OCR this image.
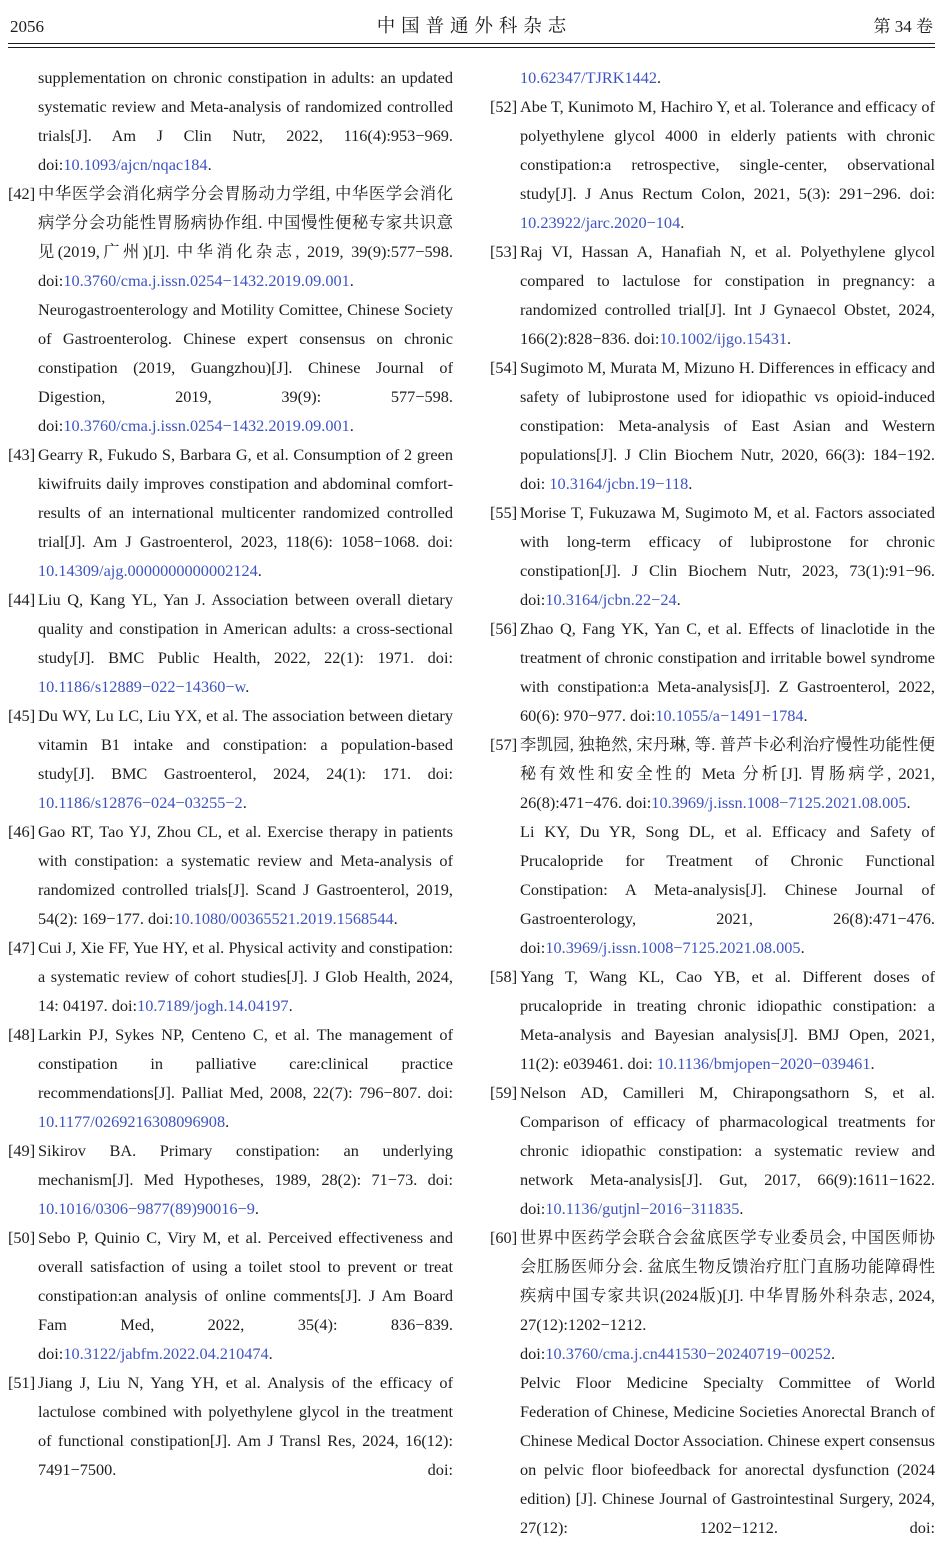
2056	中国普通外科杂志	第 34 卷
supplementation on chronic constipation in adults: an updated systematic review and Meta-analysis of randomized controlled trials[J]. Am J Clin Nutr, 2022, 116(4):953−969. doi:10.1093/ajcn/nqac184.
[42] 中华医学会消化病学分会胃肠动力学组, 中华医学会消化病学分会功能性胃肠病协作组. 中国慢性便秘专家共识意见(2019,广州)[J]. 中华消化杂志, 2019, 39(9):577−598. doi:10.3760/cma.j.issn.0254−1432.2019.09.001.
Neurogastroenterology and Motility Comittee, Chinese Society of Gastroenterolog. Chinese expert consensus on chronic constipation (2019, Guangzhou)[J]. Chinese Journal of Digestion, 2019, 39(9): 577−598. doi:10.3760/cma.j.issn.0254−1432.2019.09.001.
[43] Gearry R, Fukudo S, Barbara G, et al. Consumption of 2 green kiwifruits daily improves constipation and abdominal comfort-results of an international multicenter randomized controlled trial[J]. Am J Gastroenterol, 2023, 118(6): 1058−1068. doi: 10.14309/ajg.0000000000002124.
[44] Liu Q, Kang YL, Yan J. Association between overall dietary quality and constipation in American adults: a cross-sectional study[J]. BMC Public Health, 2022, 22(1): 1971. doi: 10.1186/s12889−022−14360−w.
[45] Du WY, Lu LC, Liu YX, et al. The association between dietary vitamin B1 intake and constipation: a population-based study[J]. BMC Gastroenterol, 2024, 24(1): 171. doi: 10.1186/s12876−024−03255−2.
[46] Gao RT, Tao YJ, Zhou CL, et al. Exercise therapy in patients with constipation: a systematic review and Meta-analysis of randomized controlled trials[J]. Scand J Gastroenterol, 2019, 54(2): 169−177. doi:10.1080/00365521.2019.1568544.
[47] Cui J, Xie FF, Yue HY, et al. Physical activity and constipation: a systematic review of cohort studies[J]. J Glob Health, 2024, 14: 04197. doi:10.7189/jogh.14.04197.
[48] Larkin PJ, Sykes NP, Centeno C, et al. The management of constipation in palliative care:clinical practice recommendations[J]. Palliat Med, 2008, 22(7): 796−807. doi: 10.1177/0269216308096908.
[49] Sikirov BA. Primary constipation: an underlying mechanism[J]. Med Hypotheses, 1989, 28(2): 71−73. doi: 10.1016/0306−9877(89)90016−9.
[50] Sebo P, Quinio C, Viry M, et al. Perceived effectiveness and overall satisfaction of using a toilet stool to prevent or treat constipation:an analysis of online comments[J]. J Am Board Fam Med, 2022, 35(4): 836−839. doi:10.3122/jabfm.2022.04.210474.
[51] Jiang J, Liu N, Yang YH, et al. Analysis of the efficacy of lactulose combined with polyethylene glycol in the treatment of functional constipation[J]. Am J Transl Res, 2024, 16(12): 7491−7500. doi:
10.62347/TJRK1442.
[52] Abe T, Kunimoto M, Hachiro Y, et al. Tolerance and efficacy of polyethylene glycol 4000 in elderly patients with chronic constipation:a retrospective, single-center, observational study[J]. J Anus Rectum Colon, 2021, 5(3): 291−296. doi: 10.23922/jarc.2020−104.
[53] Raj VI, Hassan A, Hanafiah N, et al. Polyethylene glycol compared to lactulose for constipation in pregnancy: a randomized controlled trial[J]. Int J Gynaecol Obstet, 2024, 166(2):828−836. doi:10.1002/ijgo.15431.
[54] Sugimoto M, Murata M, Mizuno H. Differences in efficacy and safety of lubiprostone used for idiopathic vs opioid-induced constipation: Meta-analysis of East Asian and Western populations[J]. J Clin Biochem Nutr, 2020, 66(3): 184−192. doi: 10.3164/jcbn.19−118.
[55] Morise T, Fukuzawa M, Sugimoto M, et al. Factors associated with long-term efficacy of lubiprostone for chronic constipation[J]. J Clin Biochem Nutr, 2023, 73(1):91−96. doi:10.3164/jcbn.22−24.
[56] Zhao Q, Fang YK, Yan C, et al. Effects of linaclotide in the treatment of chronic constipation and irritable bowel syndrome with constipation:a Meta-analysis[J]. Z Gastroenterol, 2022, 60(6): 970−977. doi:10.1055/a−1491−1784.
[57] 李凯园, 独艳然, 宋丹琳, 等. 普芦卡必利治疗慢性功能性便秘有效性和安全性的 Meta 分析[J]. 胃肠病学, 2021, 26(8):471−476. doi:10.3969/j.issn.1008−7125.2021.08.005.
Li KY, Du YR, Song DL, et al. Efficacy and Safety of Prucalopride for Treatment of Chronic Functional Constipation: A Meta-analysis[J]. Chinese Journal of Gastroenterology, 2021, 26(8):471−476. doi:10.3969/j.issn.1008−7125.2021.08.005.
[58] Yang T, Wang KL, Cao YB, et al. Different doses of prucalopride in treating chronic idiopathic constipation: a Meta-analysis and Bayesian analysis[J]. BMJ Open, 2021, 11(2): e039461. doi: 10.1136/bmjopen−2020−039461.
[59] Nelson AD, Camilleri M, Chirapongsathorn S, et al. Comparison of efficacy of pharmacological treatments for chronic idiopathic constipation: a systematic review and network Meta-analysis[J]. Gut, 2017, 66(9):1611−1622. doi:10.1136/gutjnl−2016−311835.
[60] 世界中医药学会联合会盆底医学专业委员会, 中国医师协会肛肠医师分会. 盆底生物反馈治疗肛门直肠功能障碍性疾病中国专家共识(2024版)[J]. 中华胃肠外科杂志, 2024, 27(12):1202−1212. doi:10.3760/cma.j.cn441530−20240719−00252.
Pelvic Floor Medicine Specialty Committee of World Federation of Chinese, Medicine Societies Anorectal Branch of Chinese Medical Doctor Association. Chinese expert consensus on pelvic floor biofeedback for anorectal dysfunction (2024 edition) [J]. Chinese Journal of Gastrointestinal Surgery, 2024, 27(12): 1202−1212. doi:
